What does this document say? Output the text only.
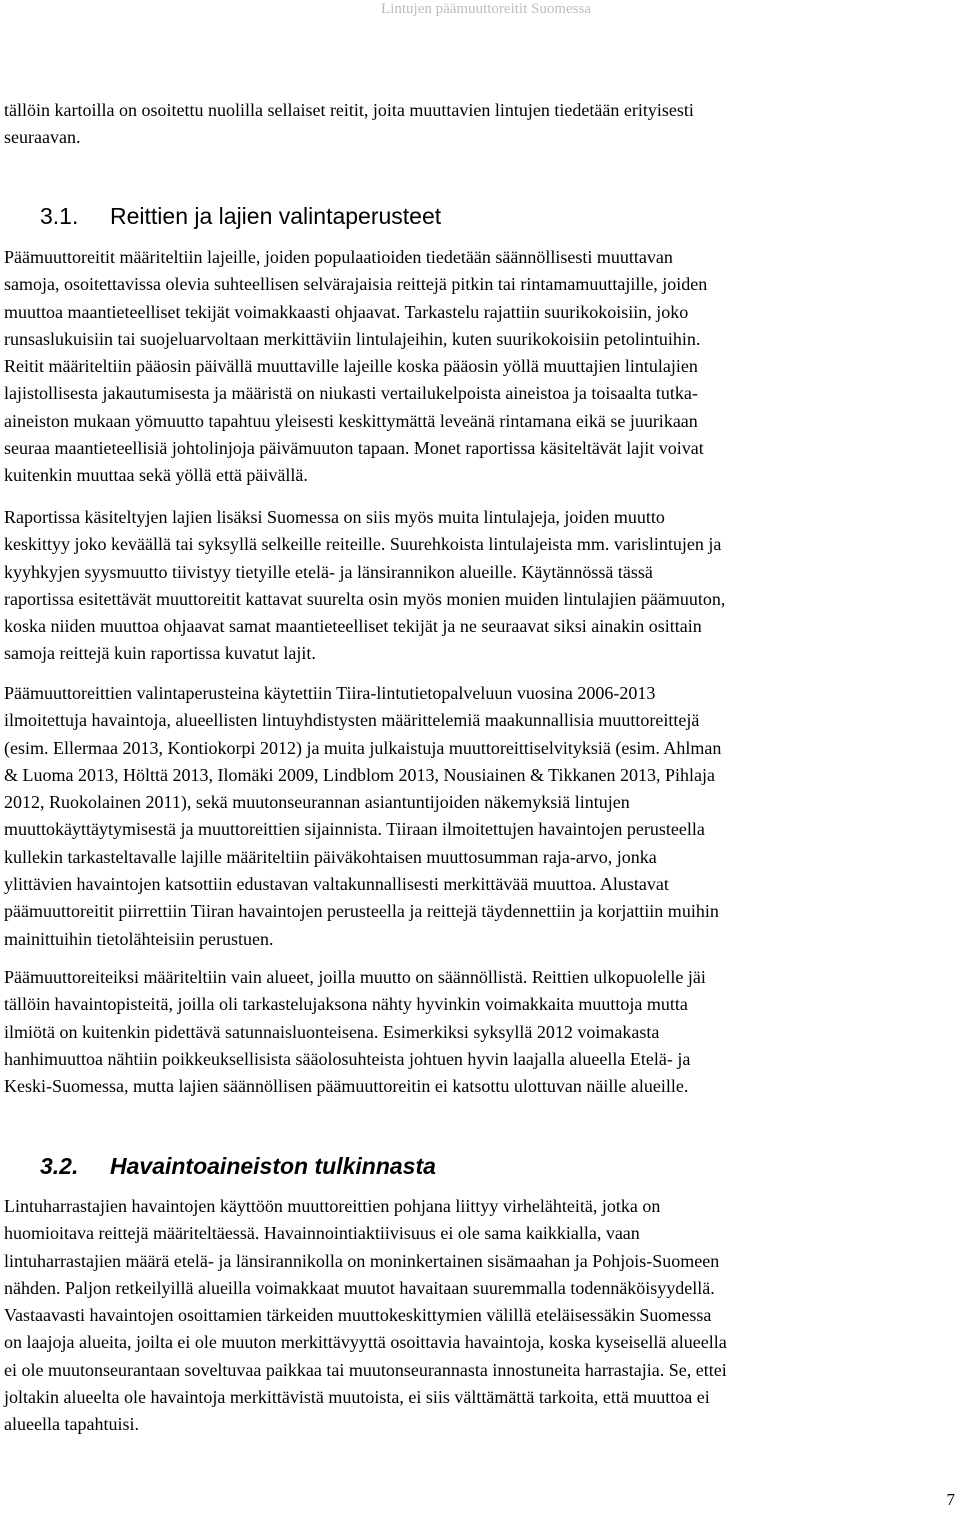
Lintujen päämuuttoreitit Suomessa

tällöin kartoilla on osoitettu nuolilla sellaiset reitit, joita muuttavien lintujen tiedetään erityisesti
seuraavan.

3.1. Reittien ja lajien valintaperusteet

Päämuuttoreitit määriteltiin lajeille, joiden populaatioiden tiedetään säännöllisesti muuttavan
samoja, osoitettavissa olevia suhteellisen selvärajaisia reittejä pitkin tai rintamamuuttajille, joiden
muuttoa maantieteelliset tekijät voimakkaasti ohjaavat. Tarkastelu rajattiin suurikokoisiin, joko
runsaslukuisiin tai suojeluarvoltaan merkittäviin lintulajeihin, kuten suurikokoisiin petolintuihin.
Reitit määriteltiin pääosin päivällä muuttaville lajeille koska pääosin yöllä muuttajien lintulajien
lajistollisesta jakautumisesta ja määristä on niukasti vertailukelpoista aineistoa ja toisaalta tutka-
aineiston mukaan yömuutto tapahtuu yleisesti keskittymättä leveänä rintamana eikä se juurikaan
seuraa maantieteellisiä johtolinjoja päivämuuton tapaan. Monet raportissa käsiteltävät lajit voivat
kuitenkin muuttaa sekä yöllä että päivällä.

Raportissa käsiteltyjen lajien lisäksi Suomessa on siis myös muita lintulajeja, joiden muutto
keskittyy joko keväällä tai syksyllä selkeille reiteille. Suurehkoista lintulajeista mm. varislintujen ja
kyyhkyjen syysmuutto tiivistyy tietyille etelä- ja länsirannikon alueille. Käytännössä tässä
raportissa esitettävät muuttoreitit kattavat suurelta osin myös monien muiden lintulajien päämuuton,
koska niiden muuttoa ohjaavat samat maantieteelliset tekijät ja ne seuraavat siksi ainakin osittain
samoja reittejä kuin raportissa kuvatut lajit.

Päämuuttoreittien valintaperusteina käytettiin Tiira-lintutietopalveluun vuosina 2006-2013
ilmoitettuja havaintoja, alueellisten lintuyhdistysten määrittelemiä maakunnallisia muuttoreittejä
(esim. Ellermaa 2013, Kontiokorpi 2012) ja muita julkaistuja muuttoreittiselvityksiä (esim. Ahlman
& Luoma 2013, Hölttä 2013, Ilomäki 2009, Lindblom 2013, Nousiainen & Tikkanen 2013, Pihlaja
2012, Ruokolainen 2011), sekä muutonseurannan asiantuntijoiden näkemyksiä lintujen
muuttokäyttäytymisestä ja muuttoreittien sijainnista. Tiiraan ilmoitettujen havaintojen perusteella
kullekin tarkasteltavalle lajille määriteltiin päiväkohtaisen muuttosumman raja-arvo, jonka
ylittävien havaintojen katsottiin edustavan valtakunnallisesti merkittävää muuttoa. Alustavat
päämuuttoreitit piirrettiin Tiiran havaintojen perusteella ja reittejä täydennettiin ja korjattiin muihin
mainittuihin tietolähteisiin perustuen.

Päämuuttoreiteiksi määriteltiin vain alueet, joilla muutto on säännöllistä. Reittien ulkopuolelle jäi
tällöin havaintopisteitä, joilla oli tarkastelujaksona nähty hyvinkin voimakkaita muuttoja mutta
ilmiötä on kuitenkin pidettävä satunnaisluonteisena. Esimerkiksi syksyllä 2012 voimakasta
hanhimuuttoa nähtiin poikkeuksellisista sääolosuhteista johtuen hyvin laajalla alueella Etelä- ja
Keski-Suomessa, mutta lajien säännöllisen päämuuttoreitin ei katsottu ulottuvan näille alueille.

3.2. Havaintoaineiston tulkinnasta

Lintuharrastajien havaintojen käyttöön muuttoreittien pohjana liittyy virhelähteitä, jotka on
huomioitava reittejä määriteltäessä. Havainnointiaktiivisuus ei ole sama kaikkialla, vaan
lintuharrastajien määrä etelä- ja länsirannikolla on moninkertainen sisämaahan ja Pohjois-Suomeen
nähden. Paljon retkeilyillä alueilla voimakkaat muutot havaitaan suuremmalla todennäköisyydellä.
Vastaavasti havaintojen osoittamien tärkeiden muuttokeskittymien välillä eteläisessäkin Suomessa
on laajoja alueita, joilta ei ole muuton merkittävyyttä osoittavia havaintoja, koska kyseisellä alueella
ei ole muutonseurantaan soveltuvaa paikkaa tai muutonseurannasta innostuneita harrastajia. Se, ettei
joltakin alueelta ole havaintoja merkittävistä muutoista, ei siis välttämättä tarkoita, että muuttoa ei
alueella tapahtuisi.

7
